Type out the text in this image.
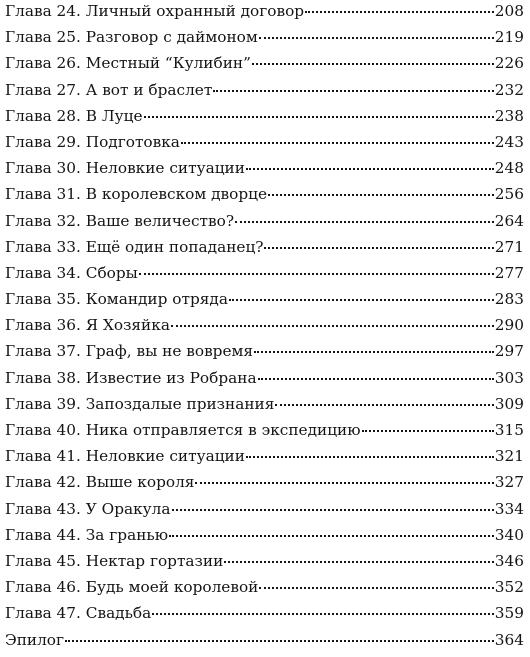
Глава 24. Личный охранный договор	208
Глава 25. Разговор с даймоном	219
Глава 26. Местный “Кулибин”	226
Глава 27. А вот и браслет	232
Глава 28. В Луце	238
Глава 29. Подготовка	243
Глава 30. Неловкие ситуации	248
Глава 31. В королевском дворце	256
Глава 32. Ваше величество?	264
Глава 33. Ещё один попаданец?	271
Глава 34. Сборы	277
Глава 35. Командир отряда	283
Глава 36. Я Хозяйка	290
Глава 37. Граф, вы не вовремя	297
Глава 38. Известие из Робрана	303
Глава 39. Запоздалые признания	309
Глава 40. Ника отправляется в экспедицию	315
Глава 41. Неловкие ситуации	321
Глава 42. Выше короля	327
Глава 43. У Оракула	334
Глава 44. За гранью	340
Глава 45. Нектар гортазии	346
Глава 46. Будь моей королевой	352
Глава 47. Свадьба	359
Эпилог	364
